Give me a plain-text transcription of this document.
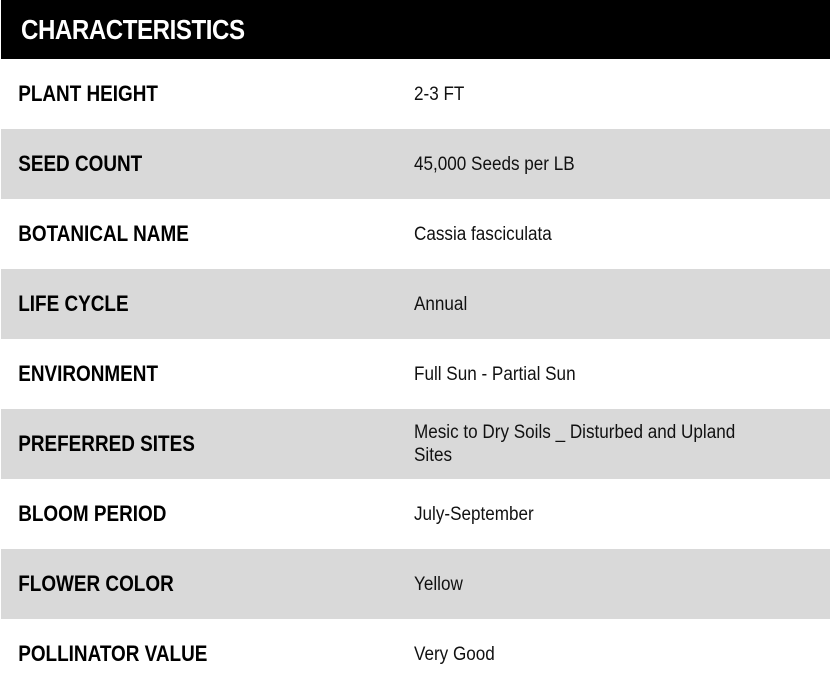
CHARACTERISTICS
PLANT HEIGHT	2-3 FT
SEED COUNT	45,000 Seeds per LB
BOTANICAL NAME	Cassia fasciculata
LIFE CYCLE	Annual
ENVIRONMENT	Full Sun - Partial Sun
PREFERRED SITES	Mesic to Dry Soils _ Disturbed and Upland Sites
BLOOM PERIOD	July-September
FLOWER COLOR	Yellow
POLLINATOR VALUE	Very Good
